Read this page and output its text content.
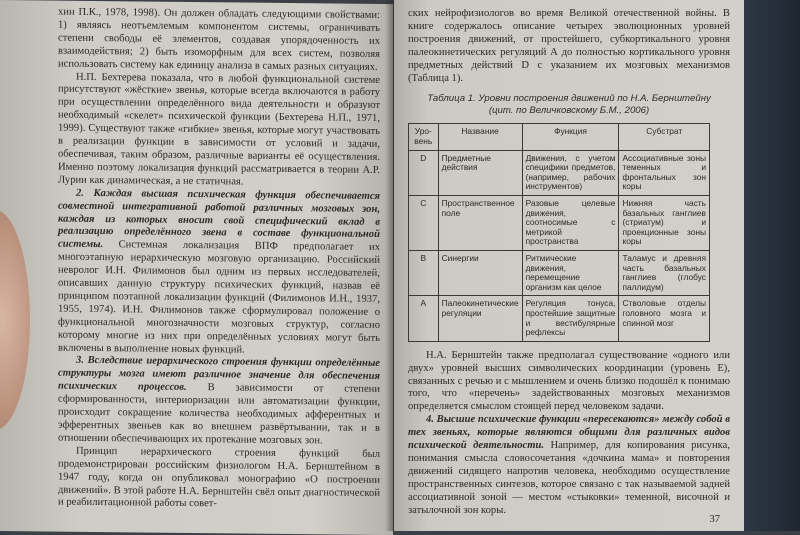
хин П.К., 1978, 1998). Он должен обладать следующими свойствами: 1) являясь неотъемлемым компонентом системы, ограничивать степени свободы её элементов, создавая упорядоченность их взаимодействия; 2) быть изоморфным для всех систем, позволяя использовать систему как единицу анализа в самых разных ситуациях.

Н.П. Бехтерева показала, что в любой функциональной системе присутствуют «жёсткие» звенья, которые всегда включаются в работу при осуществлении определённого вида деятельности и образуют необходимый «скелет» психической функции (Бехтерева Н.П., 1971, 1999). Существуют также «гибкие» звенья, которые могут участвовать в реализации функции в зависимости от условий и задачи, обеспечивая, таким образом, различные варианты её осуществления. Именно поэтому локализация функций рассматривается в теории А.Р. Лурии как динамическая, а не статичная.

2. Каждая высшая психическая функция обеспечивается совместной интегративной работой различных мозговых зон, каждая из которых вносит свой специфический вклад в реализацию определённого звена в составе функциональной системы. Системная локализация ВПФ предполагает их многоэтапную иерархическую мозговую организацию. Российский невролог И.Н. Филимонов был одним из первых исследователей, описавших данную структуру психических функций, назвав её принципом поэтапной локализации функций (Филимонов И.Н., 1937, 1955, 1974). И.Н. Филимонов также сформулировал положение о функциональной многозначности мозговых структур, согласно которому многие из них при определённых условиях могут быть включены в выполнение новых функций.

3. Вследствие иерархического строения функции определённые структуры мозга имеют различное значение для обеспечения психических процессов. В зависимости от степени сформированности, интериоризации или автоматизации функции, происходит сокращение количества необходимых афферентных и эфферентных звеньев как во внешнем развёртывании, так и в отношении обеспечивающих их протекание мозговых зон.

Принцип иерархического строения функций был продемонстрирован российским физиологом Н.А. Бернштейном в 1947 году, когда он опубликовал монографию «О построении движений». В этой работе Н.А. Бернштейн свёл опыт диагностической и реабилитационной работы совет-

ских нейрофизиологов во время Великой отечественной войны. В книге содержалось описание четырех эволюционных уровней построения движений, от простейшего, субкортикального уровня палеокинетических регуляций А до полностью кортикального уровня предметных действий D с указанием их мозговых механизмов (Таблица 1).

Таблица 1. Уровни построения движений по Н.А. Бернштейну
(цит. по Величковскому Б.М., 2006)
Уро-вень	Название	Функция	Субстрат
D	Предметные действия	Движения, с учетом специфики предметов, (например, рабочих инструментов)	Ассоциативные зоны теменных и фронтальных зон коры
C	Пространственное поле	Разовые целевые движения, соотносимые с метрикой пространства	Нижняя часть базальных ганглиев (стриатум) и проекционные зоны коры
B	Синергии	Ритмические движения, перемещение организм как целое	Таламус и древняя часть базальных ганглиев (глобус паллидум)
A	Палеокинетические регуляции	Регуляция тонуса, простейшие защитные и вестибулярные рефлексы	Стволовые отделы головного мозга и спинной мозг

Н.А. Бернштейн также предполагал существование «одного или двух» уровней высших символических координации (уровень E), связанных с речью и с мышлением и очень близко подошёл к понимаю того, что «перечень» задействованных мозговых механизмов определяется смыслом стоящей перед человеком задачи.

4. Высшие психические функции «пересекаются» между собой в тех звеньях, которые являются общими для различных видов психической деятельности. Например, для копирования рисунка, понимания смысла словосочетания «дочкина мама» и повторения движений сидящего напротив человека, необходимо осуществление пространственных синтезов, которое связано с так называемой задней ассоциативной зоной — местом «стыковки» теменной, височной и затылочной зон коры.

37
